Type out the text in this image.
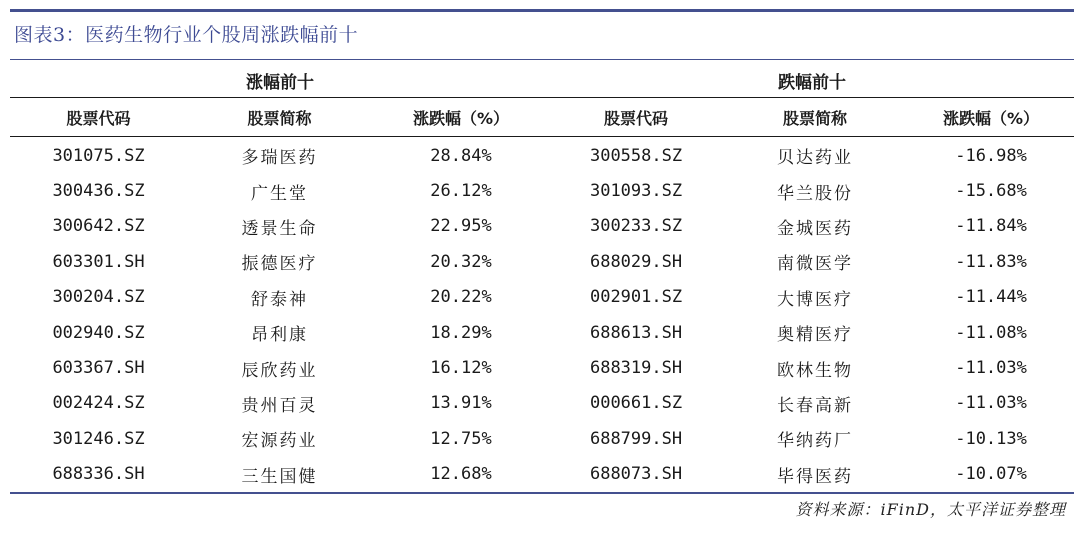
图表3：医药生物行业个股周涨跌幅前十
涨幅前十			跌幅前十		
股票代码	股票简称	涨跌幅（%）	股票代码	股票简称	涨跌幅（%）
301075.SZ	多瑞医药	28.84%	300558.SZ	贝达药业	-16.98%
300436.SZ	广生堂	26.12%	301093.SZ	华兰股份	-15.68%
300642.SZ	透景生命	22.95%	300233.SZ	金城医药	-11.84%
603301.SH	振德医疗	20.32%	688029.SH	南微医学	-11.83%
300204.SZ	舒泰神	20.22%	002901.SZ	大博医疗	-11.44%
002940.SZ	昂利康	18.29%	688613.SH	奥精医疗	-11.08%
603367.SH	辰欣药业	16.12%	688319.SH	欧林生物	-11.03%
002424.SZ	贵州百灵	13.91%	000661.SZ	长春高新	-11.03%
301246.SZ	宏源药业	12.75%	688799.SH	华纳药厂	-10.13%
688336.SH	三生国健	12.68%	688073.SH	毕得医药	-10.07%
资料来源：iFinD，太平洋证券整理
